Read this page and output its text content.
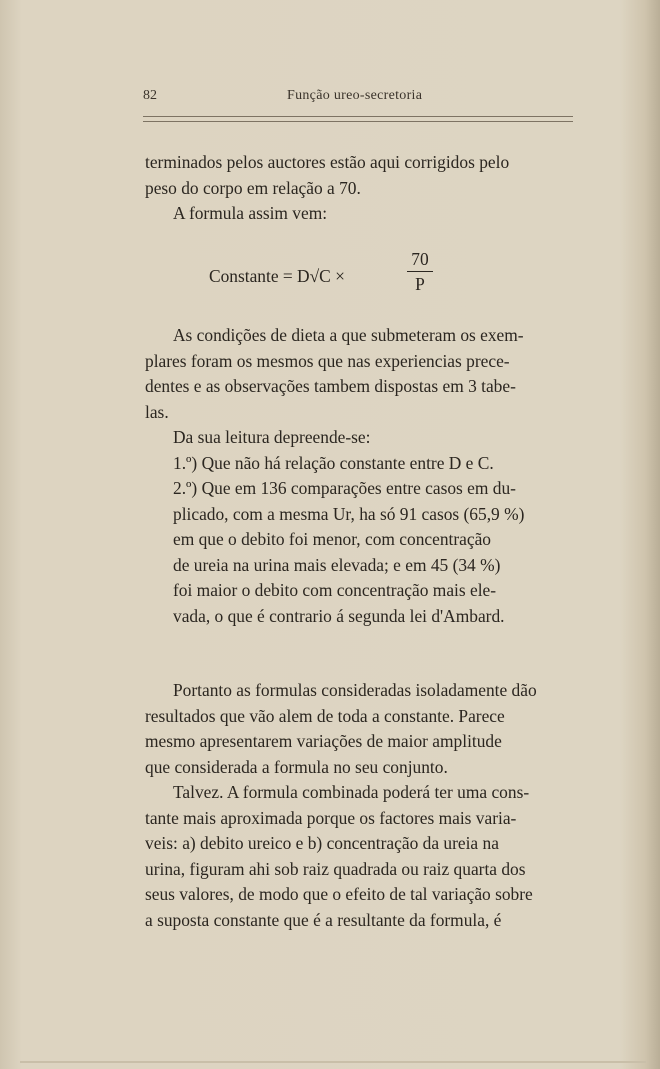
82	Função ureo-secretoria

terminados pelos auctores estão aqui corrigidos pelo

peso do corpo em relação a 70.

A formula assim vem:

Constante = D√C ×
70
P

As condições de dieta a que submeteram os exem-

plares foram os mesmos que nas experiencias prece-

dentes e as observações tambem dispostas em 3 tabe-

las.

Da sua leitura depreende-se:

1.º) Que não há relação constante entre D e C.

2.º) Que em 136 comparações entre casos em du-

plicado, com a mesma Ur, ha só 91 casos (65,9 %)

em que o debito foi menor, com concentração

de ureia na urina mais elevada; e em 45 (34 %)

foi maior o debito com concentração mais ele-

vada, o que é contrario á segunda lei d'Ambard.

Portanto as formulas consideradas isoladamente dão

resultados que vão alem de toda a constante. Parece

mesmo apresentarem variações de maior amplitude

que considerada a formula no seu conjunto.

Talvez. A formula combinada poderá ter uma cons-

tante mais aproximada porque os factores mais varia-

veis: a) debito ureico e b) concentração da ureia na

urina, figuram ahi sob raiz quadrada ou raiz quarta dos

seus valores, de modo que o efeito de tal variação sobre

a suposta constante que é a resultante da formula, é
